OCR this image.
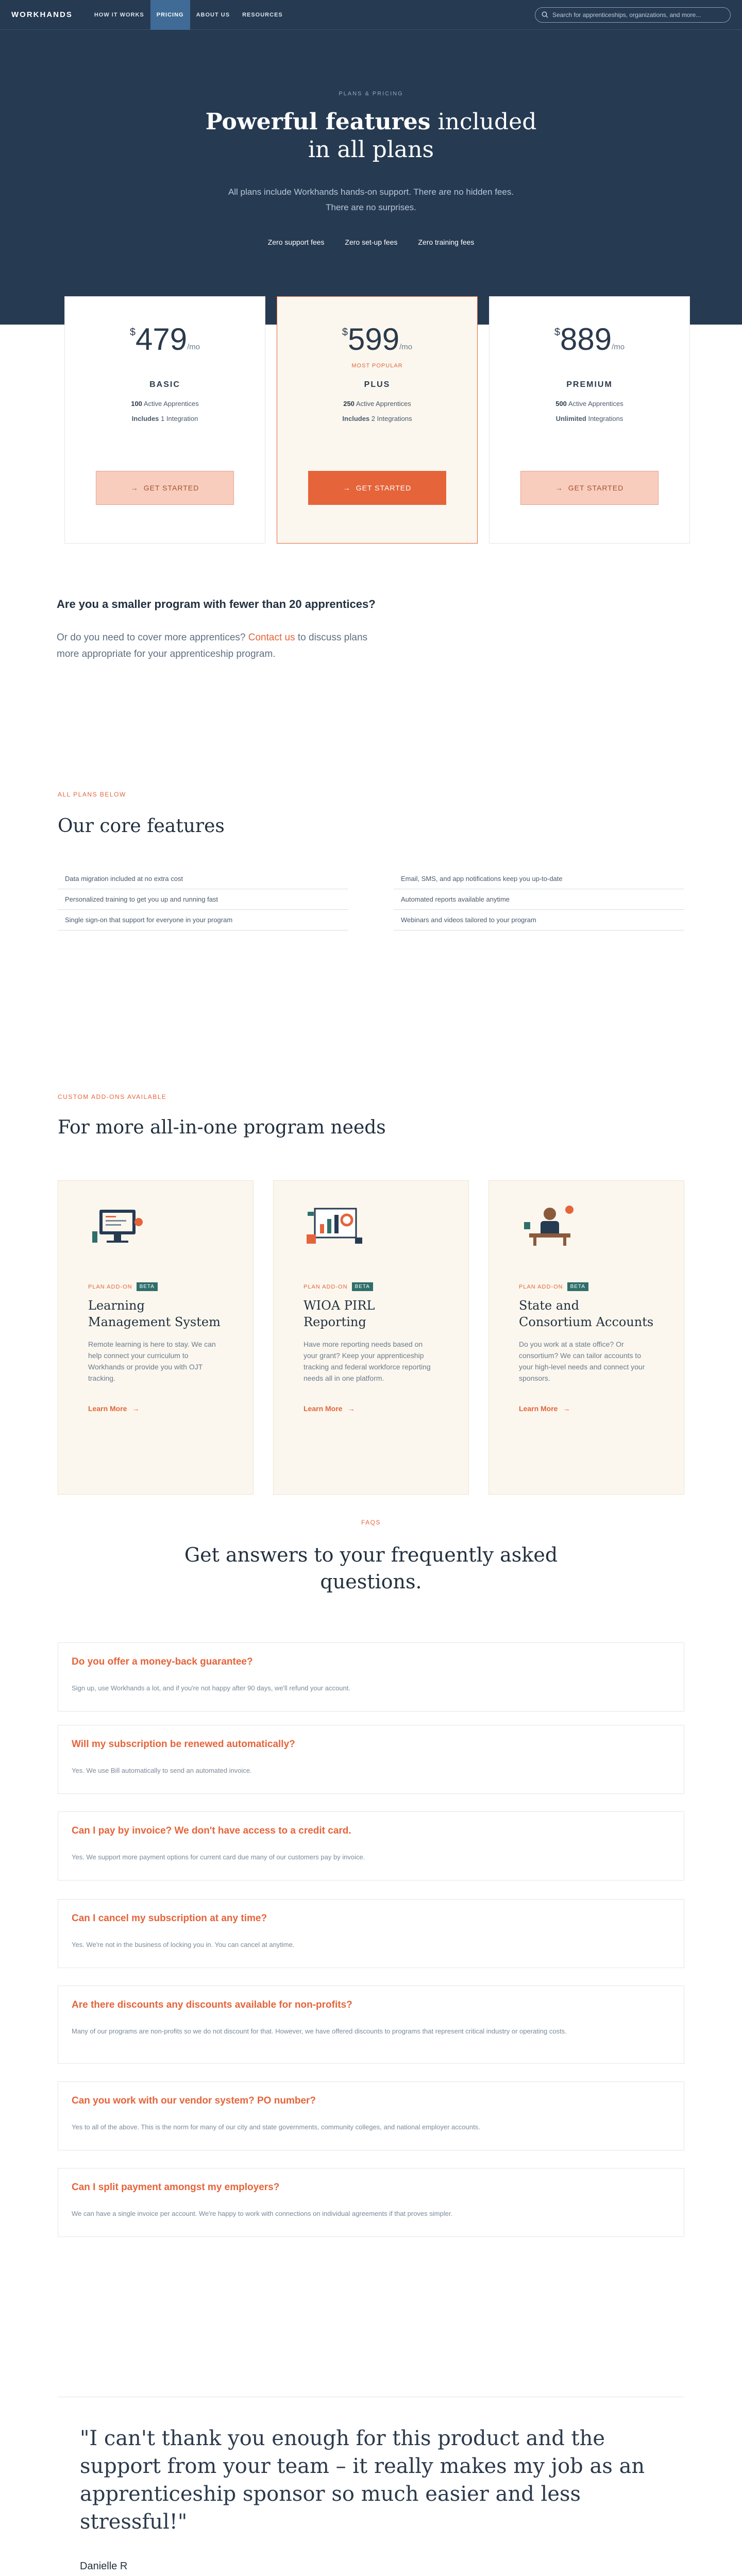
WORKHANDS	HOW IT WORKS	PRICING	ABOUT US	RESOURCES
Search for apprenticeships, organizations, and more...
PLANS & PRICING
Powerful features included
in all plans

All plans include Workhands hands-on support. There are no hidden fees. There are no surprises.

Zero support fees	Zero set-up fees	Zero training fees
$ 479 /mo

BASIC
100 Active Apprentices
Includes 1 Integration
→ GET STARTED
$ 599 /mo
MOST POPULAR
PLUS
250 Active Apprentices
Includes 2 Integrations
→ GET STARTED
$ 889 /mo

PREMIUM
500 Active Apprentices
Unlimited Integrations
→ GET STARTED
Are you a smaller program with fewer than 20 apprentices?

Or do you need to cover more apprentices? Contact us to discuss plans more appropriate for your apprenticeship program.

ALL PLANS BELOW
Our core features
Data migration included at no extra cost
Personalized training to get you up and running fast
Single sign-on that support for everyone in your program
Email, SMS, and app notifications keep you up-to-date
Automated reports available anytime
Webinars and videos tailored to your program
CUSTOM ADD-ONS AVAILABLE
For more all-in-one program needs
PLAN ADD-ON	BETA
Learning Management System

Remote learning is here to stay. We can help connect your curriculum to Workhands or provide you with OJT tracking.

Learn More →
PLAN ADD-ON	BETA
WIOA PIRL Reporting

Have more reporting needs based on your grant? Keep your apprenticeship tracking and federal workforce reporting needs all in one platform.

Learn More →
PLAN ADD-ON	BETA
State and Consortium Accounts

Do you work at a state office? Or consortium? We can tailor accounts to your high-level needs and connect your sponsors.

Learn More →
FAQS
Get answers to your frequently asked
questions.
Do you offer a money-back guarantee?

Sign up, use Workhands a lot, and if you're not happy after 90 days, we'll refund your account.

Will my subscription be renewed automatically?

Yes. We use Bill automatically to send an automated invoice.

Can I pay by invoice? We don't have access to a credit card.

Yes. We support more payment options for current card due many of our customers pay by invoice.

Can I cancel my subscription at any time?

Yes. We're not in the business of locking you in. You can cancel at anytime.

Are there discounts any discounts available for non-profits?

Many of our programs are non-profits so we do not discount for that. However, we have offered discounts to programs that represent critical industry or operating costs.

Can you work with our vendor system? PO number?

Yes to all of the above. This is the norm for many of our city and state governments, community colleges, and national employer accounts.

Can I split payment amongst my employers?

We can have a single invoice per account. We're happy to work with connections on individual agreements if that proves simpler.

"I can't thank you enough for this product and the support from your team – it really makes my job as an apprenticeship sponsor so much easier and less stressful!"
Danielle R
